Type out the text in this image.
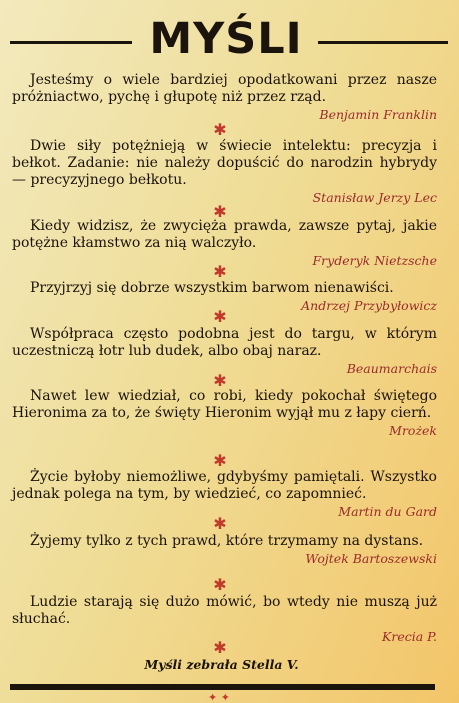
MYŚLI
Jesteśmy o wiele bardziej opodatkowani przez nasze próżniactwo, pychę i głupotę niż przez rząd.
Benjamin Franklin
✱
Dwie siły potężnieją w świecie intelektu: precyzja i bełkot. Zadanie: nie należy dopuścić do narodzin hybrydy — precyzyjnego bełkotu.
Stanisław Jerzy Lec
✱
Kiedy widzisz, że zwycięża prawda, zawsze pytaj, jakie potężne kłamstwo za nią walczyło.
Fryderyk Nietzsche
✱
Przyjrzyj się dobrze wszystkim barwom nienawiści.
Andrzej Przybyłowicz
✱
Współpraca często podobna jest do targu, w którym uczestniczą łotr lub dudek, albo obaj naraz.
Beaumarchais
✱
Nawet lew wiedział, co robi, kiedy pokochał świętego Hieronima za to, że święty Hieronim wyjął mu z łapy cierń.
Mrożek
✱
Życie byłoby niemożliwe, gdybyśmy pamiętali. Wszystko jednak polega na tym, by wiedzieć, co zapomnieć.
Martin du Gard
✱
Żyjemy tylko z tych prawd, które trzymamy na dystans.
Wojtek Bartoszewski
✱
Ludzie starają się dużo mówić, bo wtedy nie muszą już słuchać.
Krecia P.
✱
Myśli zebrała Stella V.
✦ ✦
